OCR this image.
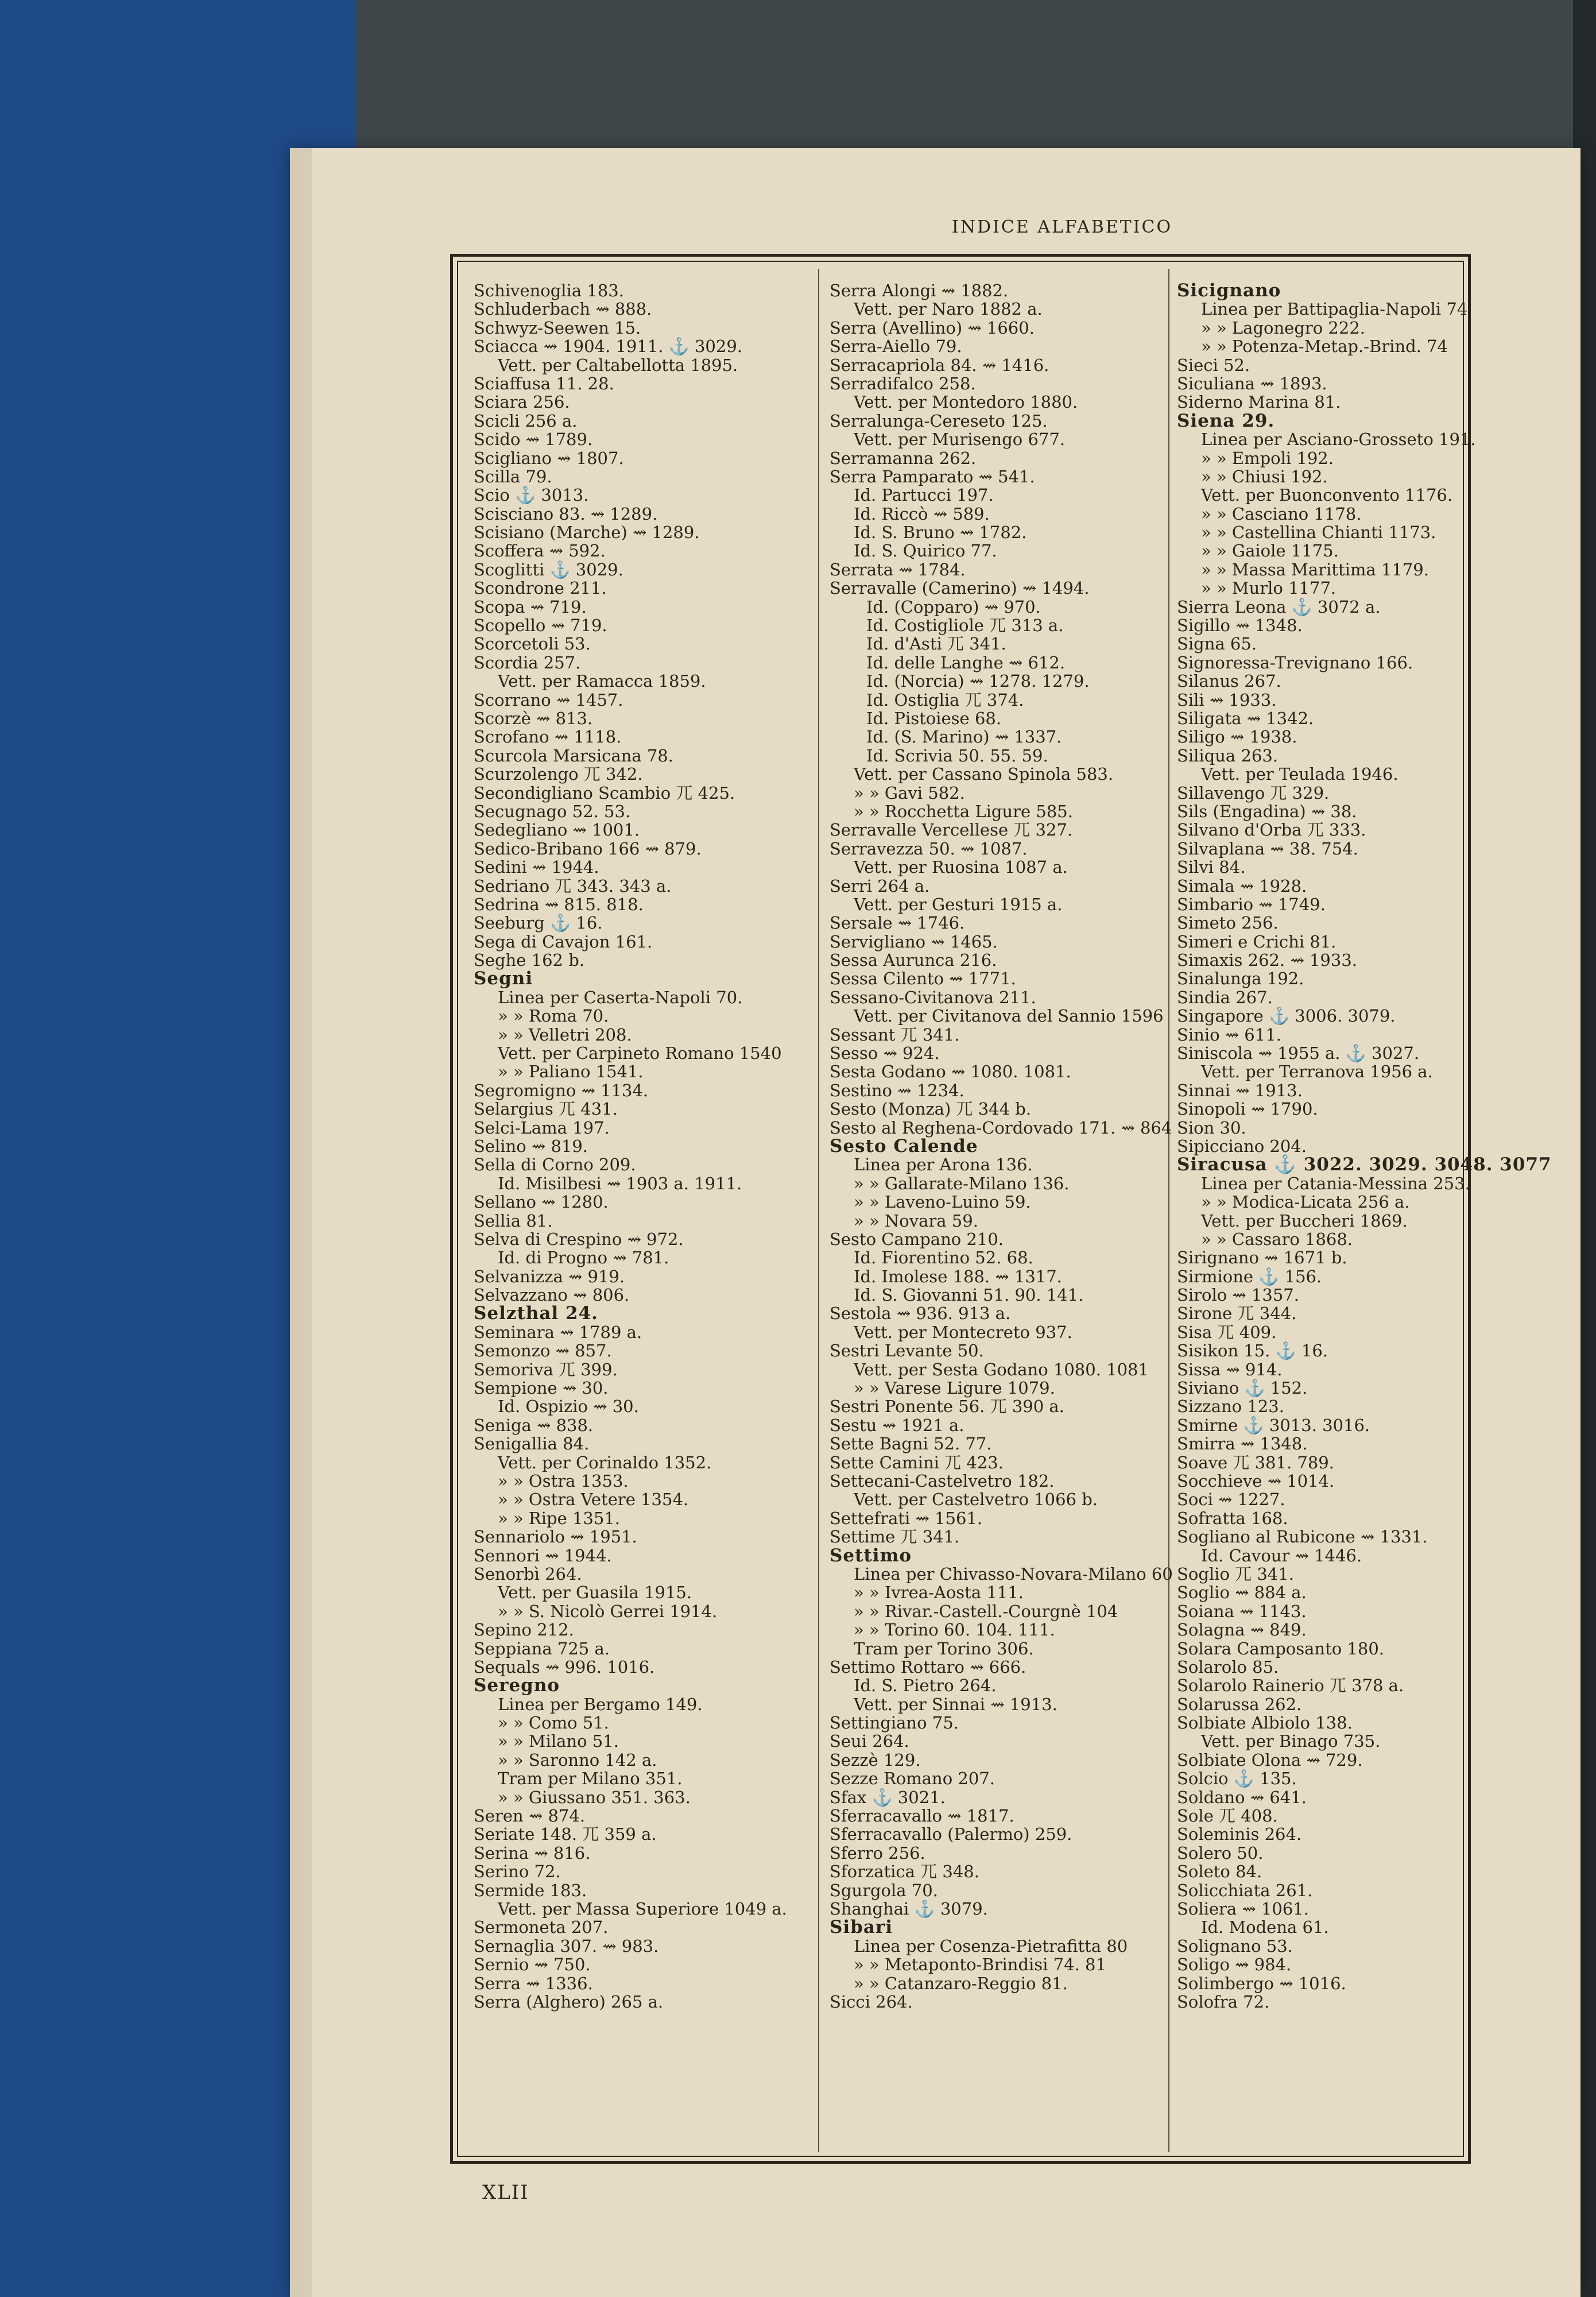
INDICE ALFABETICO
Schivenoglia 183.
Schluderbach ⇝ 888.
Schwyz-Seewen 15.
Sciacca ⇝ 1904. 1911. ⚓ 3029.
Vett. per Caltabellotta 1895.
Sciaffusa 11. 28.
Sciara 256.
Scicli 256 a.
Scido ⇝ 1789.
Scigliano ⇝ 1807.
Scilla 79.
Scio ⚓ 3013.
Scisciano 83. ⇝ 1289.
Scisiano (Marche) ⇝ 1289.
Scoffera ⇝ 592.
Scoglitti ⚓ 3029.
Scondrone 211.
Scopa ⇝ 719.
Scopello ⇝ 719.
Scorcetoli 53.
Scordia 257.
Vett. per Ramacca 1859.
Scorrano ⇝ 1457.
Scorzè ⇝ 813.
Scrofano ⇝ 1118.
Scurcola Marsicana 78.
Scurzolengo 兀 342.
Secondigliano Scambio 兀 425.
Secugnago 52. 53.
Sedegliano ⇝ 1001.
Sedico-Bribano 166 ⇝ 879.
Sedini ⇝ 1944.
Sedriano 兀 343. 343 a.
Sedrina ⇝ 815. 818.
Seeburg ⚓ 16.
Sega di Cavajon 161.
Seghe 162 b.
Segni
Linea per Caserta-Napoli 70.
» » Roma 70.
» » Velletri 208.
Vett. per Carpineto Romano 1540
» » Paliano 1541.
Segromigno ⇝ 1134.
Selargius 兀 431.
Selci-Lama 197.
Selino ⇝ 819.
Sella di Corno 209.
Id. Misilbesi ⇝ 1903 a. 1911.
Sellano ⇝ 1280.
Sellia 81.
Selva di Crespino ⇝ 972.
Id. di Progno ⇝ 781.
Selvanizza ⇝ 919.
Selvazzano ⇝ 806.
Selzthal 24.
Seminara ⇝ 1789 a.
Semonzo ⇝ 857.
Semoriva 兀 399.
Sempione ⇝ 30.
Id. Ospizio ⇝ 30.
Seniga ⇝ 838.
Senigallia 84.
Vett. per Corinaldo 1352.
» » Ostra 1353.
» » Ostra Vetere 1354.
» » Ripe 1351.
Sennariolo ⇝ 1951.
Sennori ⇝ 1944.
Senorbì 264.
Vett. per Guasila 1915.
» » S. Nicolò Gerrei 1914.
Sepino 212.
Seppiana 725 a.
Sequals ⇝ 996. 1016.
Seregno
Linea per Bergamo 149.
» » Como 51.
» » Milano 51.
» » Saronno 142 a.
Tram per Milano 351.
» » Giussano 351. 363.
Seren ⇝ 874.
Seriate 148. 兀 359 a.
Serina ⇝ 816.
Serino 72.
Sermide 183.
Vett. per Massa Superiore 1049 a.
Sermoneta 207.
Sernaglia 307. ⇝ 983.
Sernio ⇝ 750.
Serra ⇝ 1336.
Serra (Alghero) 265 a.
Serra Alongi ⇝ 1882.
Vett. per Naro 1882 a.
Serra (Avellino) ⇝ 1660.
Serra-Aiello 79.
Serracapriola 84. ⇝ 1416.
Serradifalco 258.
Vett. per Montedoro 1880.
Serralunga-Cereseto 125.
Vett. per Murisengo 677.
Serramanna 262.
Serra Pamparato ⇝ 541.
Id. Partucci 197.
Id. Riccò ⇝ 589.
Id. S. Bruno ⇝ 1782.
Id. S. Quirico 77.
Serrata ⇝ 1784.
Serravalle (Camerino) ⇝ 1494.
Id. (Copparo) ⇝ 970.
Id. Costigliole 兀 313 a.
Id. d'Asti 兀 341.
Id. delle Langhe ⇝ 612.
Id. (Norcia) ⇝ 1278. 1279.
Id. Ostiglia 兀 374.
Id. Pistoiese 68.
Id. (S. Marino) ⇝ 1337.
Id. Scrivia 50. 55. 59.
Vett. per Cassano Spinola 583.
» » Gavi 582.
» » Rocchetta Ligure 585.
Serravalle Vercellese 兀 327.
Serravezza 50. ⇝ 1087.
Vett. per Ruosina 1087 a.
Serri 264 a.
Vett. per Gesturi 1915 a.
Sersale ⇝ 1746.
Servigliano ⇝ 1465.
Sessa Aurunca 216.
Sessa Cilento ⇝ 1771.
Sessano-Civitanova 211.
Vett. per Civitanova del Sannio 1596
Sessant 兀 341.
Sesso ⇝ 924.
Sesta Godano ⇝ 1080. 1081.
Sestino ⇝ 1234.
Sesto (Monza) 兀 344 b.
Sesto al Reghena-Cordovado 171. ⇝ 864
Sesto Calende
Linea per Arona 136.
» » Gallarate-Milano 136.
» » Laveno-Luino 59.
» » Novara 59.
Sesto Campano 210.
Id. Fiorentino 52. 68.
Id. Imolese 188. ⇝ 1317.
Id. S. Giovanni 51. 90. 141.
Sestola ⇝ 936. 913 a.
Vett. per Montecreto 937.
Sestri Levante 50.
Vett. per Sesta Godano 1080. 1081
» » Varese Ligure 1079.
Sestri Ponente 56. 兀 390 a.
Sestu ⇝ 1921 a.
Sette Bagni 52. 77.
Sette Camini 兀 423.
Settecani-Castelvetro 182.
Vett. per Castelvetro 1066 b.
Settefrati ⇝ 1561.
Settime 兀 341.
Settimo
Linea per Chivasso-Novara-Milano 60
» » Ivrea-Aosta 111.
» » Rivar.-Castell.-Courgnè 104
» » Torino 60. 104. 111.
Tram per Torino 306.
Settimo Rottaro ⇝ 666.
Id. S. Pietro 264.
Vett. per Sinnai ⇝ 1913.
Settingiano 75.
Seui 264.
Sezzè 129.
Sezze Romano 207.
Sfax ⚓ 3021.
Sferracavallo ⇝ 1817.
Sferracavallo (Palermo) 259.
Sferro 256.
Sforzatica 兀 348.
Sgurgola 70.
Shanghai ⚓ 3079.
Sibari
Linea per Cosenza-Pietrafitta 80
» » Metaponto-Brindisi 74. 81
» » Catanzaro-Reggio 81.
Sicci 264.
Sicignano
Linea per Battipaglia-Napoli 74
» » Lagonegro 222.
» » Potenza-Metap.-Brind. 74
Sieci 52.
Siculiana ⇝ 1893.
Siderno Marina 81.
Siena 29.
Linea per Asciano-Grosseto 191.
» » Empoli 192.
» » Chiusi 192.
Vett. per Buonconvento 1176.
» » Casciano 1178.
» » Castellina Chianti 1173.
» » Gaiole 1175.
» » Massa Marittima 1179.
» » Murlo 1177.
Sierra Leona ⚓ 3072 a.
Sigillo ⇝ 1348.
Signa 65.
Signoressa-Trevignano 166.
Silanus 267.
Sili ⇝ 1933.
Siligata ⇝ 1342.
Siligo ⇝ 1938.
Siliqua 263.
Vett. per Teulada 1946.
Sillavengo 兀 329.
Sils (Engadina) ⇝ 38.
Silvano d'Orba 兀 333.
Silvaplana ⇝ 38. 754.
Silvi 84.
Simala ⇝ 1928.
Simbario ⇝ 1749.
Simeto 256.
Simeri e Crichi 81.
Simaxis 262. ⇝ 1933.
Sinalunga 192.
Sindia 267.
Singapore ⚓ 3006. 3079.
Sinio ⇝ 611.
Siniscola ⇝ 1955 a. ⚓ 3027.
Vett. per Terranova 1956 a.
Sinnai ⇝ 1913.
Sinopoli ⇝ 1790.
Sion 30.
Sipicciano 204.
Siracusa ⚓ 3022. 3029. 3048. 3077
Linea per Catania-Messina 253.
» » Modica-Licata 256 a.
Vett. per Buccheri 1869.
» » Cassaro 1868.
Sirignano ⇝ 1671 b.
Sirmione ⚓ 156.
Sirolo ⇝ 1357.
Sirone 兀 344.
Sisa 兀 409.
Sisikon 15. ⚓ 16.
Sissa ⇝ 914.
Siviano ⚓ 152.
Sizzano 123.
Smirne ⚓ 3013. 3016.
Smirra ⇝ 1348.
Soave 兀 381. 789.
Socchieve ⇝ 1014.
Soci ⇝ 1227.
Sofratta 168.
Sogliano al Rubicone ⇝ 1331.
Id. Cavour ⇝ 1446.
Soglio 兀 341.
Soglio ⇝ 884 a.
Soiana ⇝ 1143.
Solagna ⇝ 849.
Solara Camposanto 180.
Solarolo 85.
Solarolo Rainerio 兀 378 a.
Solarussa 262.
Solbiate Albiolo 138.
Vett. per Binago 735.
Solbiate Olona ⇝ 729.
Solcio ⚓ 135.
Soldano ⇝ 641.
Sole 兀 408.
Soleminis 264.
Solero 50.
Soleto 84.
Solicchiata 261.
Soliera ⇝ 1061.
Id. Modena 61.
Solignano 53.
Soligo ⇝ 984.
Solimbergo ⇝ 1016.
Solofra 72.
XLII
